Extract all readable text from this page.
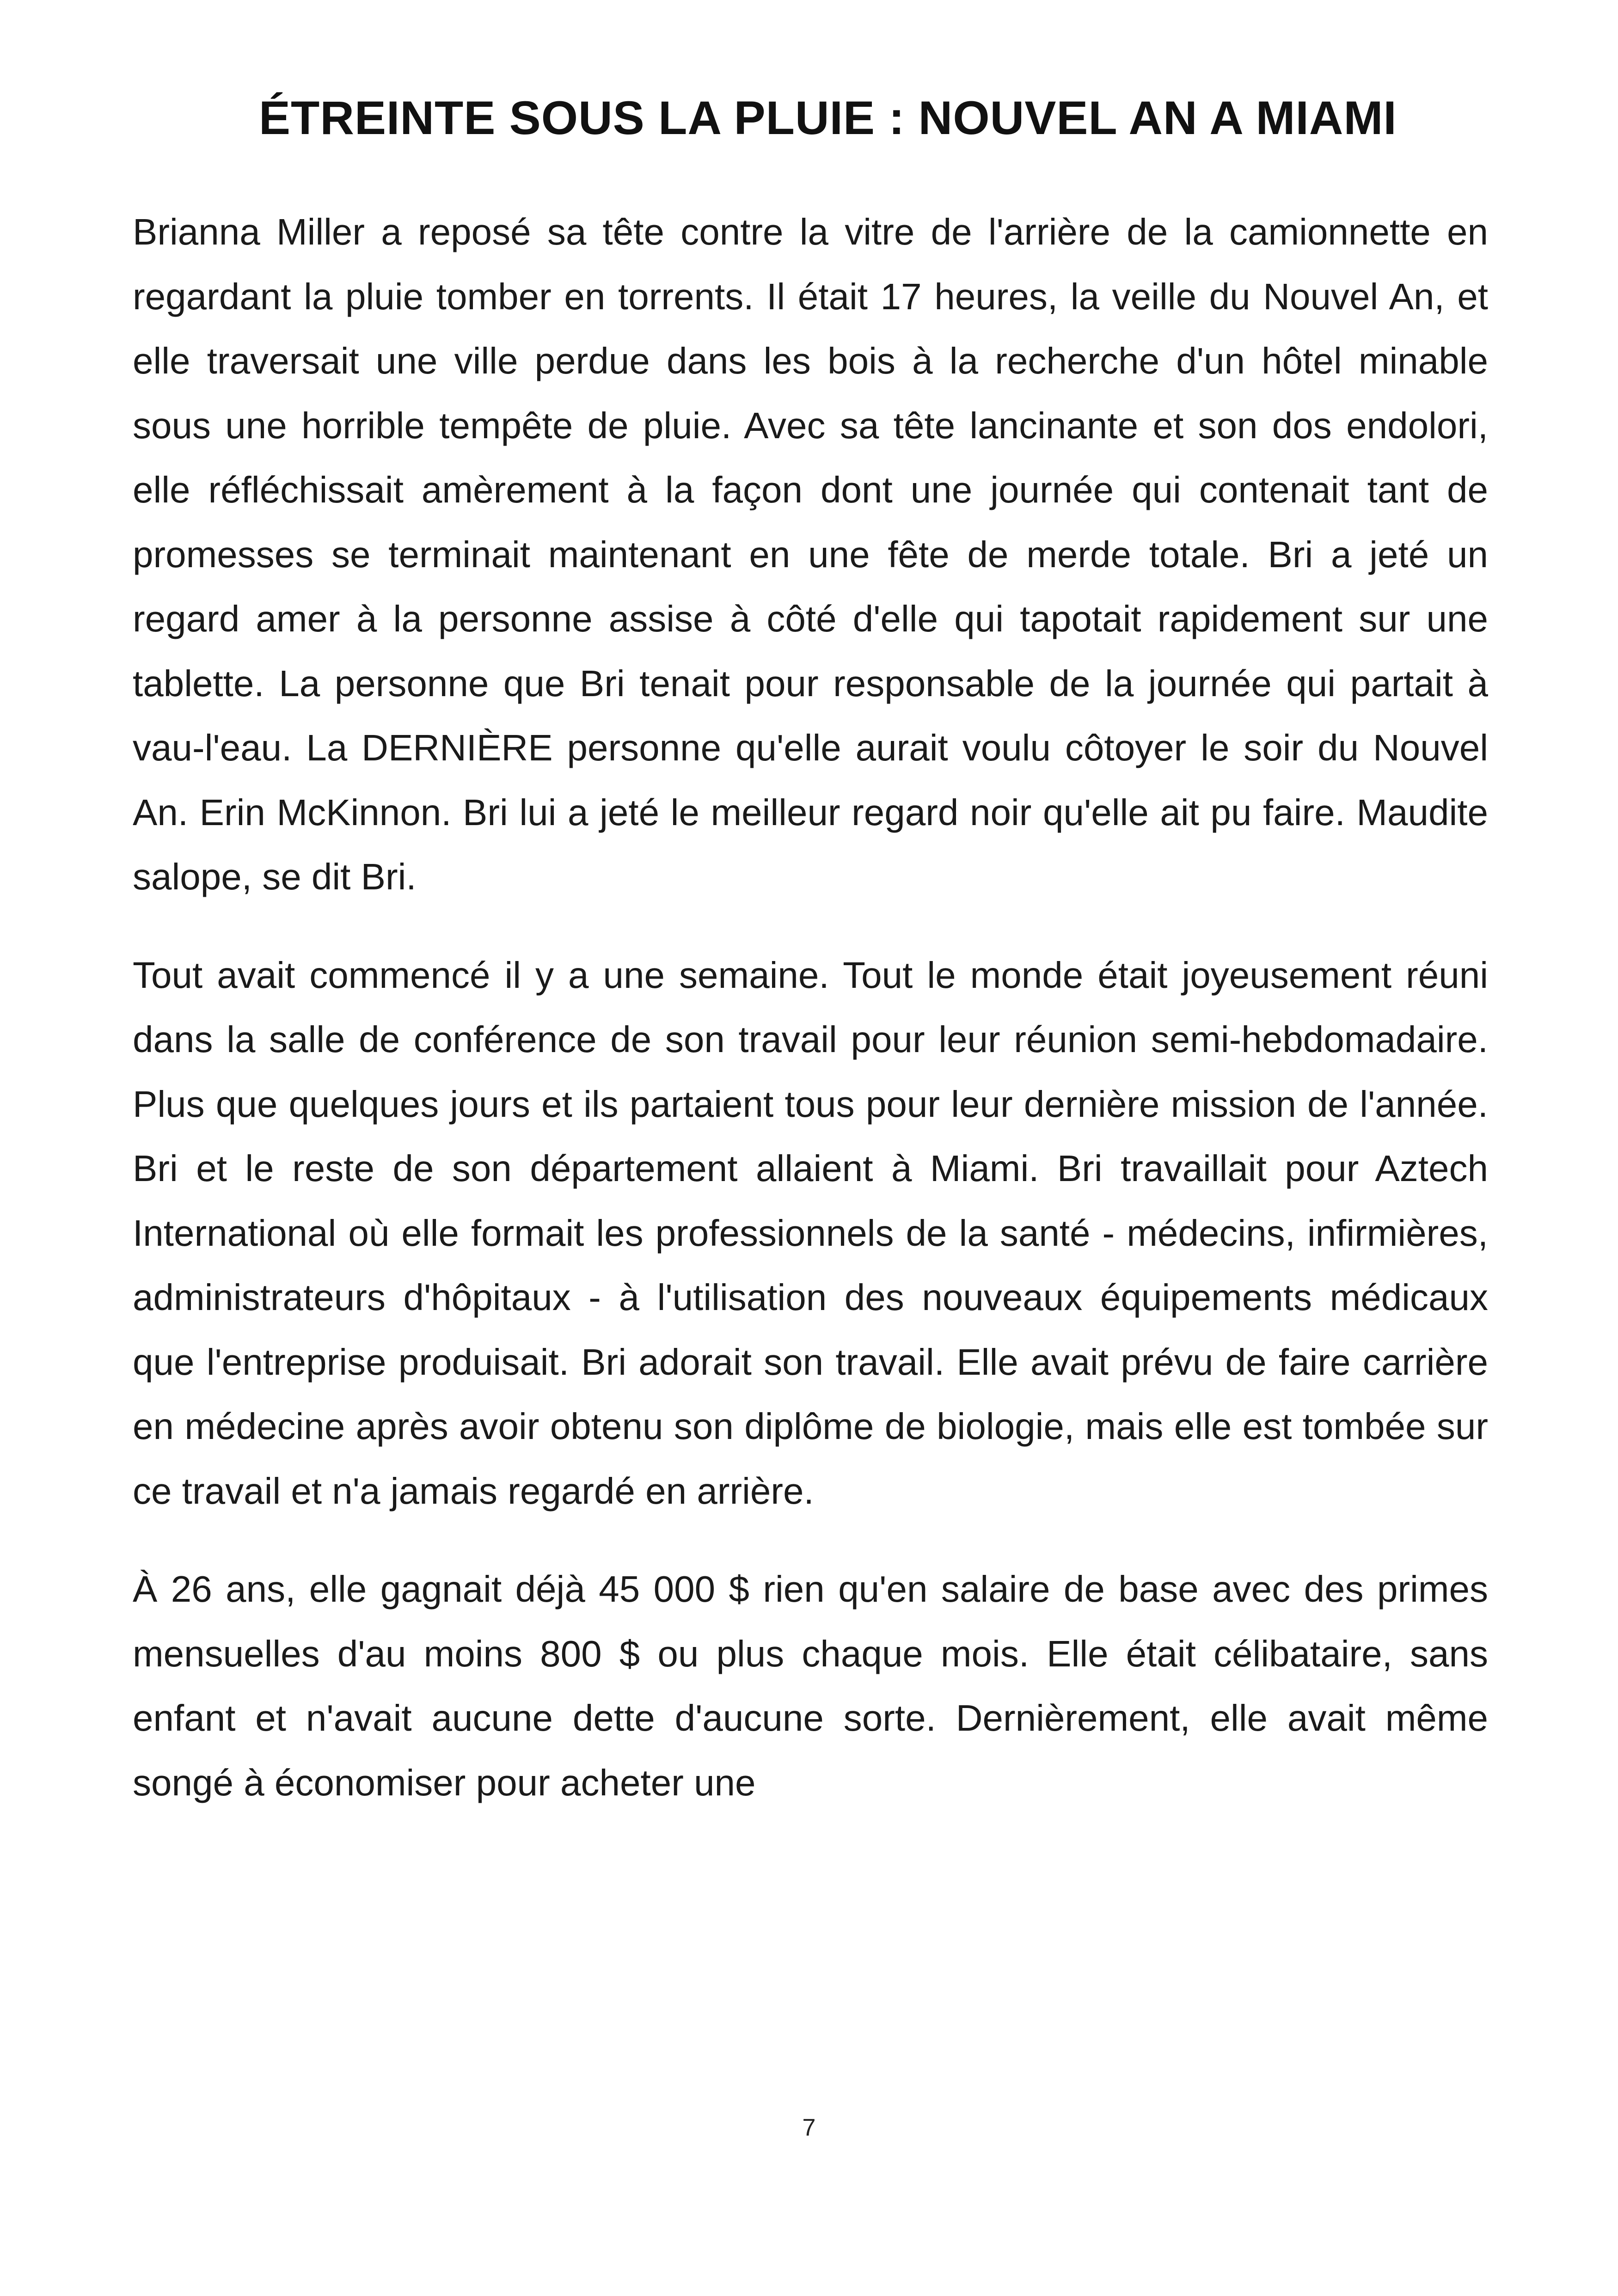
ÉTREINTE SOUS LA PLUIE : NOUVEL AN A MIAMI

Brianna Miller a reposé sa tête contre la vitre de l'arrière de la camionnette en regardant la pluie tomber en torrents. Il était 17 heures, la veille du Nouvel An, et elle traversait une ville perdue dans les bois à la recherche d'un hôtel minable sous une horrible tempête de pluie. Avec sa tête lancinante et son dos endolori, elle réfléchissait amèrement à la façon dont une journée qui contenait tant de promesses se terminait maintenant en une fête de merde totale. Bri a jeté un regard amer à la personne assise à côté d'elle qui tapotait rapidement sur une tablette. La personne que Bri tenait pour responsable de la journée qui partait à vau-l'eau. La DERNIÈRE personne qu'elle aurait voulu côtoyer le soir du Nouvel An. Erin McKinnon. Bri lui a jeté le meilleur regard noir qu'elle ait pu faire. Maudite salope, se dit Bri.

Tout avait commencé il y a une semaine. Tout le monde était joyeusement réuni dans la salle de conférence de son travail pour leur réunion semi-hebdomadaire. Plus que quelques jours et ils partaient tous pour leur dernière mission de l'année. Bri et le reste de son département allaient à Miami. Bri travaillait pour Aztech International où elle formait les professionnels de la santé - médecins, infirmières, administrateurs d'hôpitaux - à l'utilisation des nouveaux équipements médicaux que l'entreprise produisait. Bri adorait son travail. Elle avait prévu de faire carrière en médecine après avoir obtenu son diplôme de biologie, mais elle est tombée sur ce travail et n'a jamais regardé en arrière.

À 26 ans, elle gagnait déjà 45 000 $ rien qu'en salaire de base avec des primes mensuelles d'au moins 800 $ ou plus chaque mois. Elle était célibataire, sans enfant et n'avait aucune dette d'aucune sorte. Dernièrement, elle avait même songé à économiser pour acheter une

7
